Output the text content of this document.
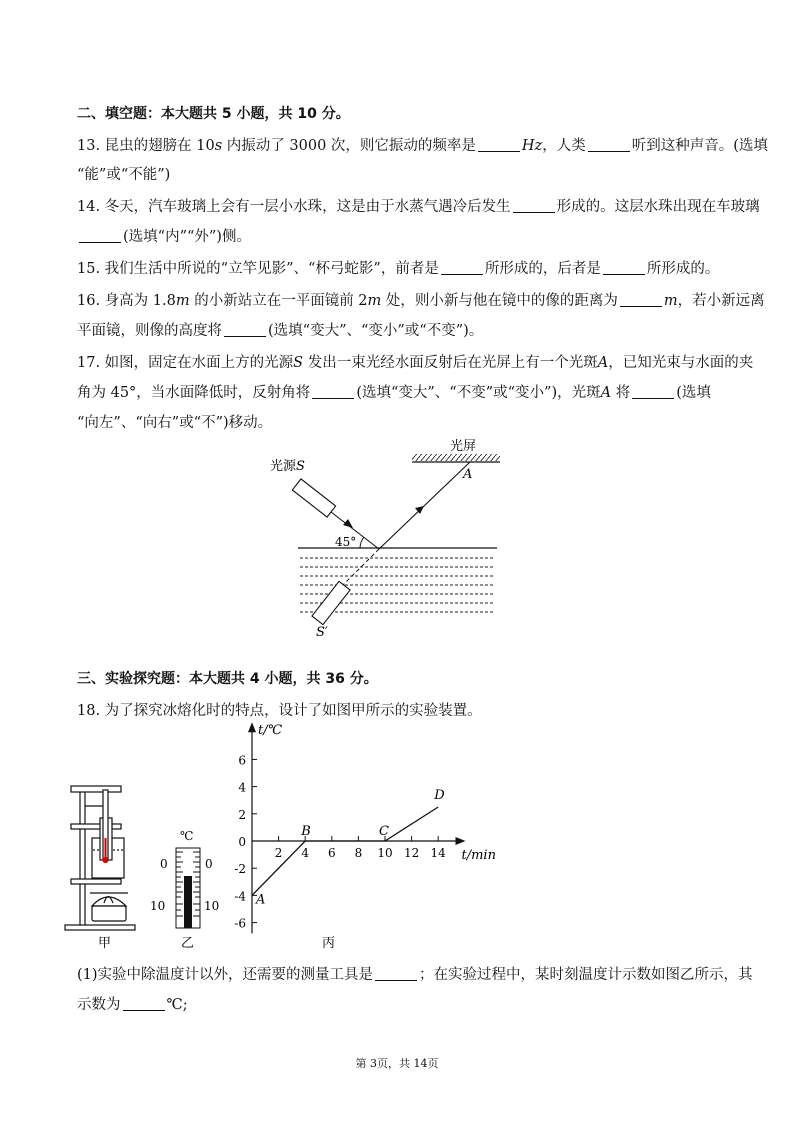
二、填空题：本大题共 5 小题，共 10 分。
13. 昆虫的翅膀在 10s 内振动了 3000 次，则它振动的频率是	Hz，人类	听到这种声音。(选填
“能”或“不能”)
14. 冬天，汽车玻璃上会有一层小水珠，这是由于水蒸气遇冷后发生	形成的。这层水珠出现在车玻璃
(选填“内”“外”)侧。
15. 我们生活中所说的“立竿见影”、“杯弓蛇影”，前者是	所形成的，后者是	所形成的。
16. 身高为 1.8m 的小新站立在一平面镜前 2m 处，则小新与他在镜中的像的距离为	m，若小新远离
平面镜，则像的高度将	(选填“变大”、“变小”或“不变”)。
17. 如图，固定在水面上方的光源S 发出一束光经水面反射后在光屏上有一个光斑A，已知光束与水面的夹
角为 45°，当水面降低时，反射角将	(选填“变大”、“不变”或“变小”)，光斑A 将	(选填
“向左”、“向右”或“不”)移动。
光屏
光源S
A
S′
45°
三、实验探究题：本大题共 4 小题，共 36 分。
18. 为了探究冰熔化时的特点，设计了如图甲所示的实验装置。
甲
℃
0	0
10	10
乙
t/℃
t/min
6
4
2
0
-2
-4
-6
2 4 6 8 10 12 14
A
B	C
D
丙
(1)实验中除温度计以外，还需要的测量工具是	；在实验过程中，某时刻温度计示数如图乙所示，其
示数为	℃;
第 3页，共 14页
